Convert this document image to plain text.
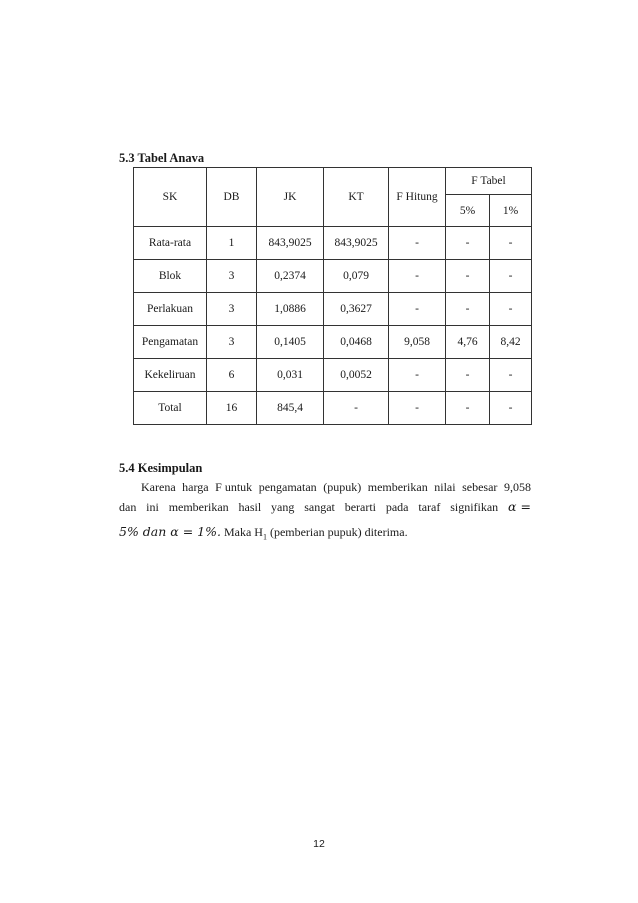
5.3 Tabel Anava

SK	DB	JK	KT	F Hitung	F Tabel	
					5%	1%
Rata-rata	1	843,9025	843,9025	-	-	-
Blok	3	0,2374	0,079	-	-	-
Perlakuan	3	1,0886	0,3627	-	-	-
Pengamatan	3	0,1405	0,0468	9,058	4,76	8,42
Kekeliruan	6	0,031	0,0052	-	-	-
Total	16	845,4	-	-	-	-

5.4 Kesimpulan

Karena harga F untuk pengamatan (pupuk) memberikan nilai sebesar 9,058
dan ini memberikan hasil yang sangat berarti pada taraf signifikan α =
5% dan α = 1%. Maka $H_1$ (pemberian pupuk) diterima.

12
